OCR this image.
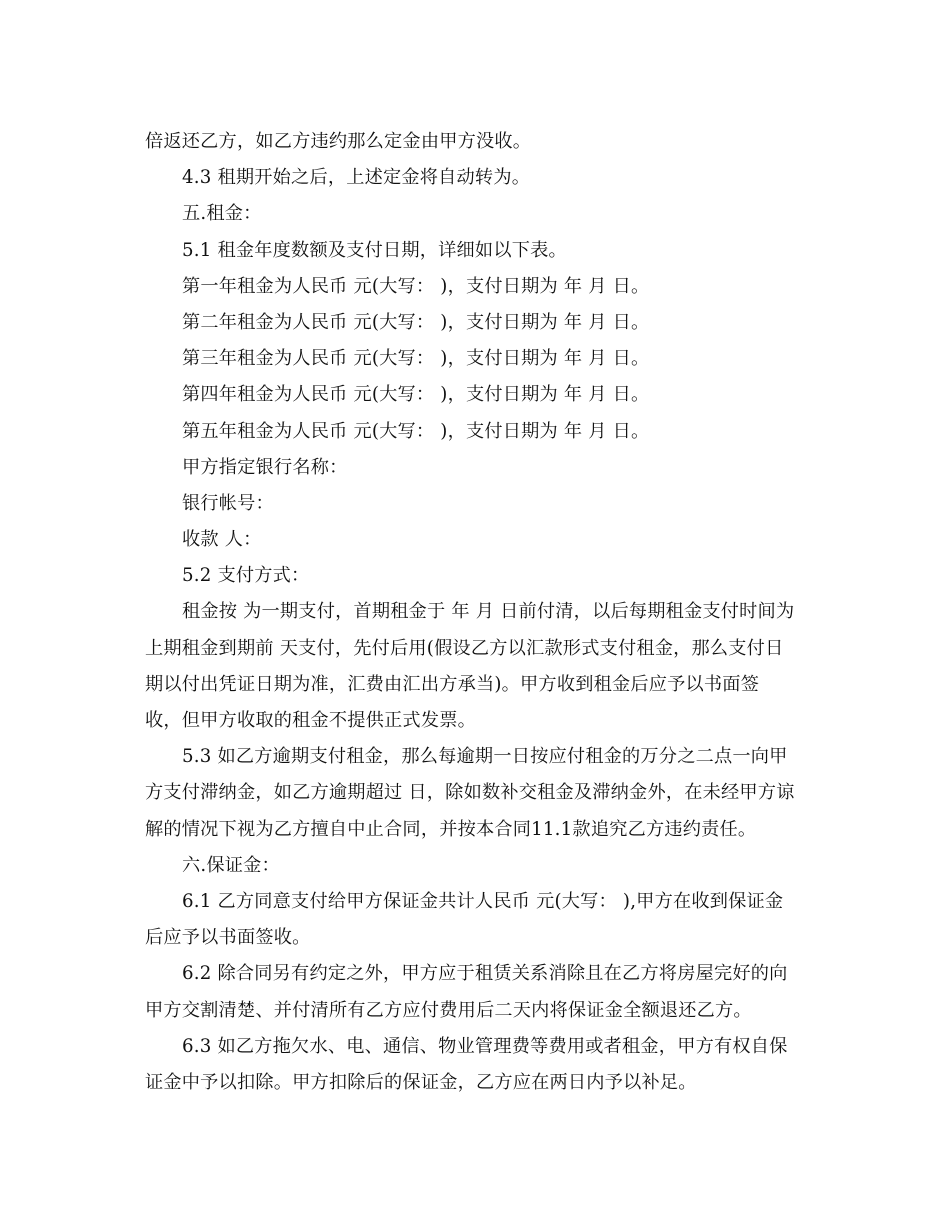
倍返还乙方，如乙方违约那么定金由甲方没收。
4.3 租期开始之后，上述定金将自动转为。
五.租金：
5.1 租金年度数额及支付日期，详细如以下表。
第一年租金为人民币 元(大写： )，支付日期为 年 月 日。
第二年租金为人民币 元(大写： )，支付日期为 年 月 日。
第三年租金为人民币 元(大写： )，支付日期为 年 月 日。
第四年租金为人民币 元(大写： )，支付日期为 年 月 日。
第五年租金为人民币 元(大写： )，支付日期为 年 月 日。
甲方指定银行名称：
银行帐号：
收款 人：
5.2 支付方式：
租金按 为一期支付，首期租金于 年 月 日前付清，以后每期租金支付时间为
上期租金到期前 天支付，先付后用(假设乙方以汇款形式支付租金，那么支付日
期以付出凭证日期为准，汇费由汇出方承当)。甲方收到租金后应予以书面签
收，但甲方收取的租金不提供正式发票。
5.3 如乙方逾期支付租金，那么每逾期一日按应付租金的万分之二点一向甲
方支付滞纳金，如乙方逾期超过 日，除如数补交租金及滞纳金外，在未经甲方谅
解的情况下视为乙方擅自中止合同，并按本合同11.1款追究乙方违约责任。
六.保证金：
6.1 乙方同意支付给甲方保证金共计人民币 元(大写： ),甲方在收到保证金
后应予以书面签收。
6.2 除合同另有约定之外，甲方应于租赁关系消除且在乙方将房屋完好的向
甲方交割清楚、并付清所有乙方应付费用后二天内将保证金全额退还乙方。
6.3 如乙方拖欠水、电、通信、物业管理费等费用或者租金，甲方有权自保
证金中予以扣除。甲方扣除后的保证金，乙方应在两日内予以补足。
